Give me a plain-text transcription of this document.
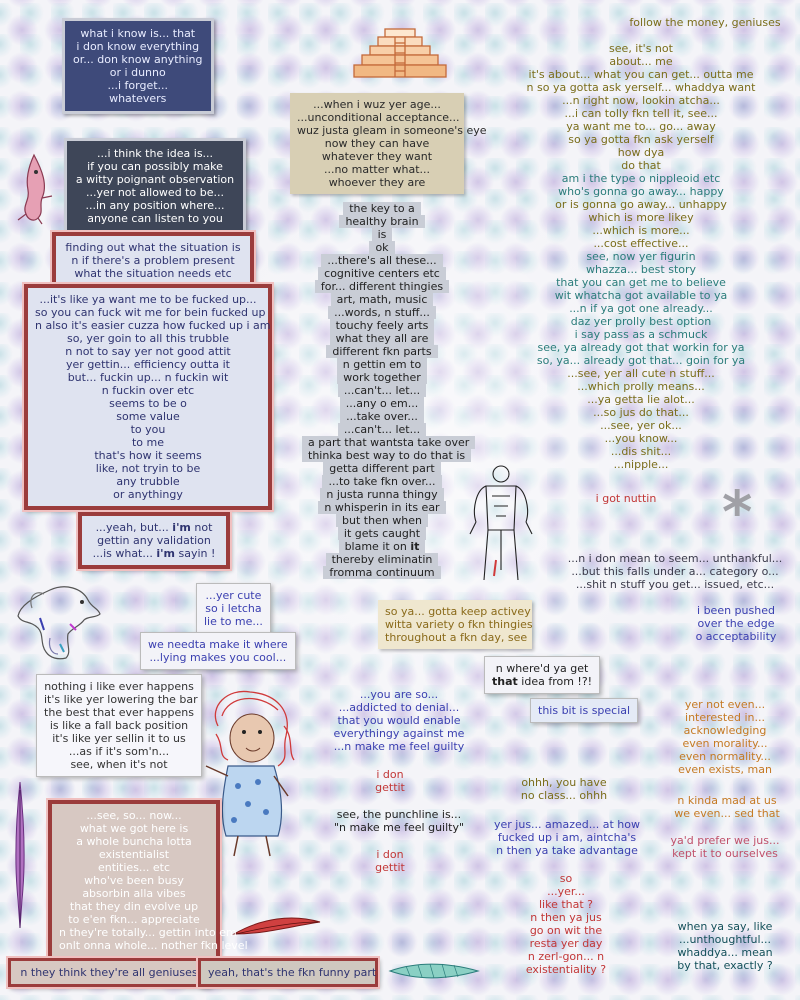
*
what i know is... that
i don know everything
or... don know anything
or i dunno
...i forget...
whatevers
...i think the idea is...
if you can possibly make
a witty poignant observation
...yer not allowed to be...
...in any position where...
anyone can listen to you
finding out what the situation is
n if there's a problem present
what the situation needs etc
...it's like ya want me to be fucked up...
so you can fuck wit me for bein fucked up
n also it's easier cuzza how fucked up i am
so, yer goin to all this trubble
n not to say yer not good attit
yer gettin... efficiency outta it
but... fuckin up... n fuckin wit
n fuckin over etc
seems to be o
some value
to you
to me
that's how it seems
like, not tryin to be
any trubble
or anythingy
...yeah, but... i'm not
gettin any validation
...is what... i'm sayin !
...yer cute
so i letcha
lie to me...
we needta make it where
...lying makes you cool...
nothing i like ever happens
it's like yer lowering the bar
the best that ever happens
is like a fall back position
it's like yer sellin it to us
...as if it's som'n...
see, when it's not
...see, so... now...
what we got here is
a whole buncha lotta
existentialist
entities... etc
who've been busy
absorbin alla vibes
that they din evolve up
to e'en fkn... appreciate
n they're totally... gettin into em
onlt onna whole... nother fkn level
n they think they're all geniuses yeah, that's the fkn funny part
...when i wuz yer age...
...unconditional acceptance...
wuz justa gleam in someone's eye
now they can have
whatever they want
...no matter what...
whoever they are
the key to a
healthy brain
is
ok
...there's all these...
cognitive centers etc
for... different thingies
art, math, music
...words, n stuff...
touchy feely arts
what they all are
different fkn parts
n gettin em to
work together
...can't... let...
...any o em...
...take over...
...can't... let...
a part that wantsta take over
thinka best way to do that is
getta different part
...to take fkn over...
n justa runna thingy
n whisperin in its ear
but then when
it gets caught
blame it on it
thereby eliminatin
fromma continuum
so ya... gotta keep activey
witta variety o fkn thingies
throughout a fkn day, see
n where'd ya get
that idea from !?!
this bit is special
...you are so...
...addicted to denial...
that you would enable
everythingy against me
...n make me feel guilty
i don
gettit
see, the punchline is...
"n make me feel guilty"
i don
gettit
ohhh, you have
no class... ohhh
yer jus... amazed... at how
fucked up i am, aintcha's
n then ya take advantage
so
...yer...
like that ?
n then ya jus
go on wit the
resta yer day
n zerl-gon... n
existentiality ?
follow the money, geniuses
see, it's not
about... me
it's about... what you can get... outta me
n so ya gotta ask yerself... whaddya want
...n right now, lookin atcha...
...i can tolly fkn tell it, see...
ya want me to... go... away
so ya gotta fkn ask yerself
how dya
do that
am i the type o nippleoid etc
who's gonna go away... happy
or is gonna go away... unhappy
which is more likey
...which is more...
...cost effective...
see, now yer figurin
whazza... best story
that you can get me to believe
wit whatcha got available to ya
...n if ya got one already...
daz yer prolly best option
i say pass as a schmuck
see, ya already got that workin for ya
so, ya... already got that... goin for ya
...see, yer all cute n stuff...
...which prolly means...
...ya getta lie alot...
...so jus do that...
...see, yer ok...
...you know...
...dis shit...
...nipple...
i got nuttin
...n i don mean to seem... unthankful...
...but this falls under a... category o...
...shit n stuff you get... issued, etc...
i been pushed
over the edge
o acceptability
yer not even...
interested in...
acknowledging
even morality...
even normality...
even exists, man
n kinda mad at us
we even... sed that
ya'd prefer we jus...
kept it to ourselves
when ya say, like
...unthoughtful...
whaddya... mean
by that, exactly ?
